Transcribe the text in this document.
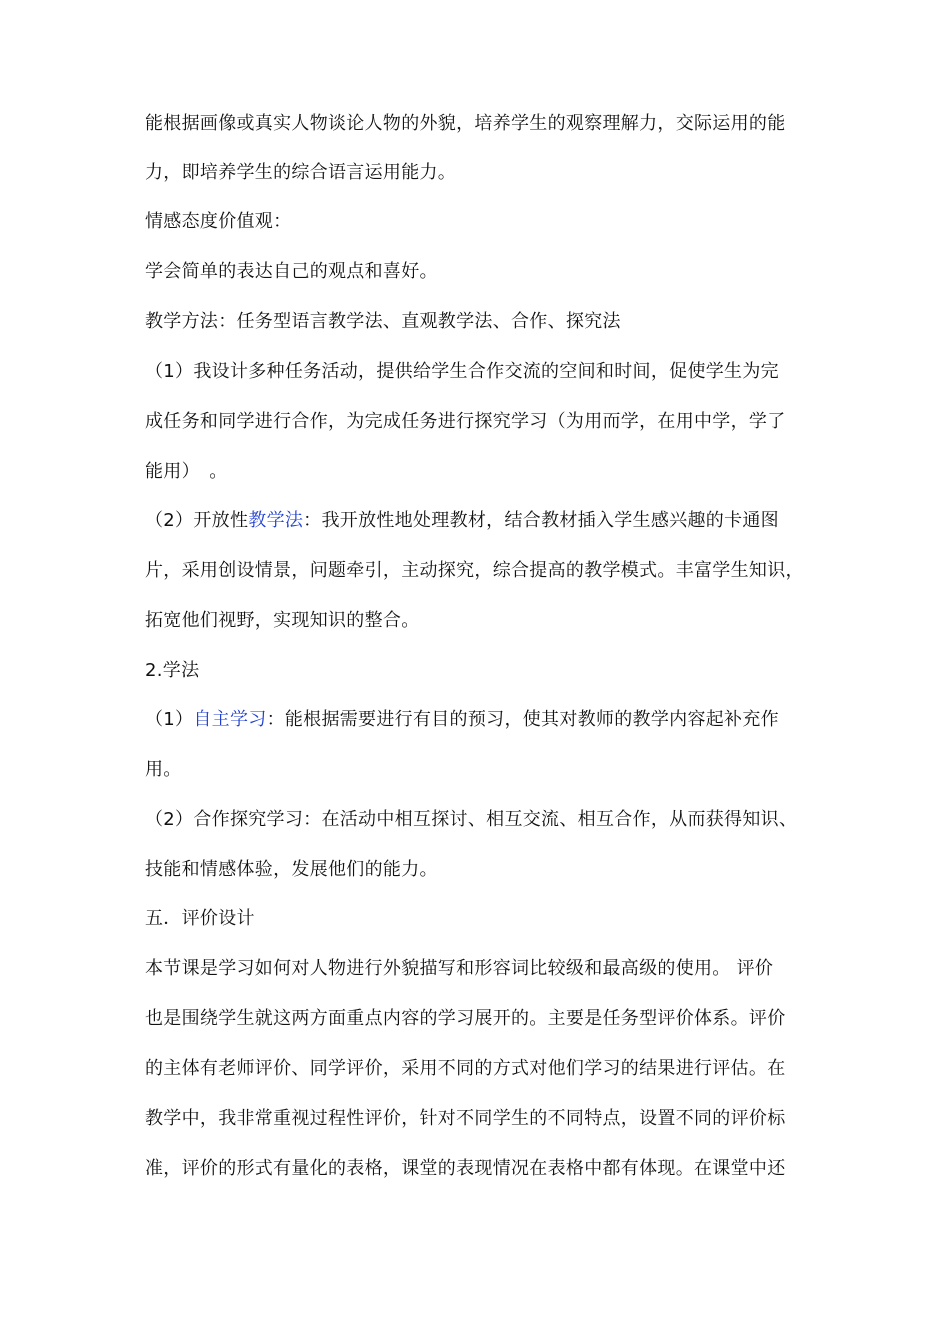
能根据画像或真实人物谈论人物的外貌，培养学生的观察理解力，交际运用的能
力，即培养学生的综合语言运用能力。
情感态度价值观：
学会简单的表达自己的观点和喜好。
教学方法：任务型语言教学法、直观教学法、合作、探究法
（1）我设计多种任务活动，提供给学生合作交流的空间和时间，促使学生为完
成任务和同学进行合作，为完成任务进行探究学习（为用而学，在用中学，学了
能用）　。
（2）开放性教学法：我开放性地处理教材，结合教材插入学生感兴趣的卡通图
片，采用创设情景，问题牵引，主动探究，综合提高的教学模式。丰富学生知识，
拓宽他们视野，实现知识的整合。
2.学法
（1）自主学习：能根据需要进行有目的预习，使其对教师的教学内容起补充作
用。
（2）合作探究学习：在活动中相互探讨、相互交流、相互合作，从而获得知识、
技能和情感体验，发展他们的能力。
五．评价设计
本节课是学习如何对人物进行外貌描写和形容词比较级和最高级的使用。 评价
也是围绕学生就这两方面重点内容的学习展开的。主要是任务型评价体系。评价
的主体有老师评价、同学评价，采用不同的方式对他们学习的结果进行评估。在
教学中，我非常重视过程性评价，针对不同学生的不同特点，设置不同的评价标
准，评价的形式有量化的表格，课堂的表现情况在表格中都有体现。在课堂中还
